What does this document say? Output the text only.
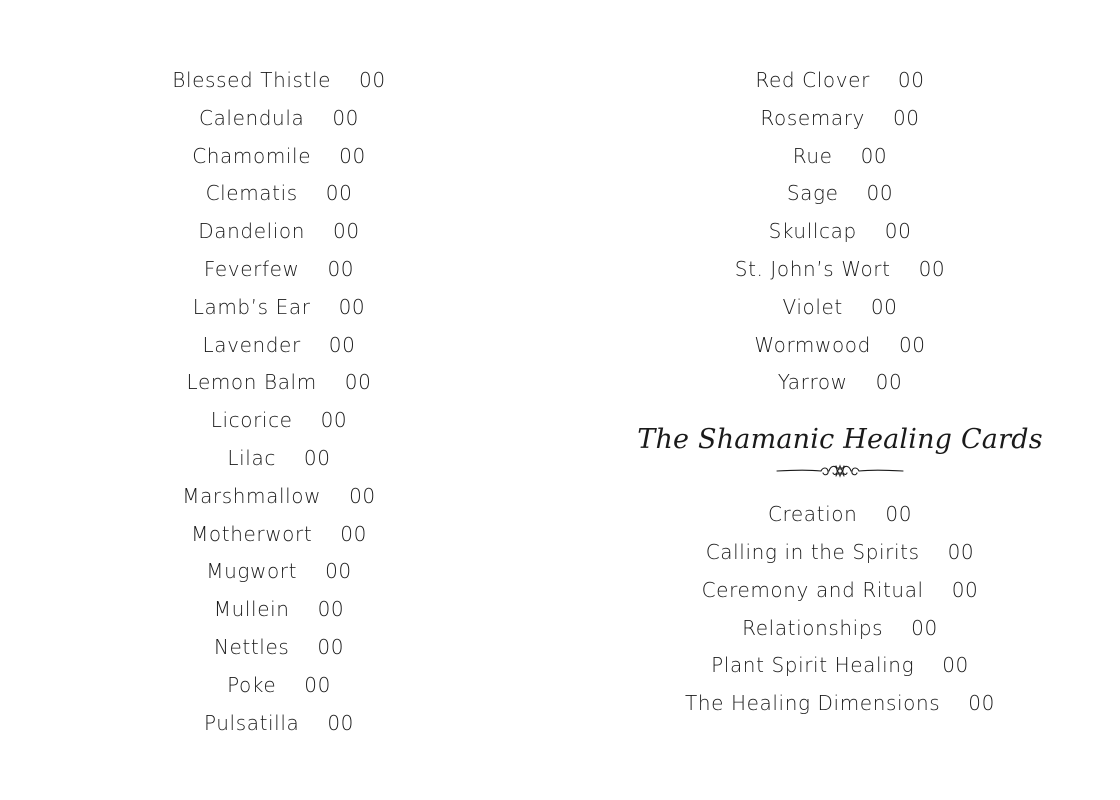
Blessed Thistle 00
Calendula 00
Chamomile 00
Clematis 00
Dandelion 00
Feverfew 00
Lamb’s Ear 00
Lavender 00
Lemon Balm 00
Licorice 00
Lilac 00
Marshmallow 00
Motherwort 00
Mugwort 00
Mullein 00
Nettles 00
Poke 00
Pulsatilla 00
Red Clover 00
Rosemary 00
Rue 00
Sage 00
Skullcap 00
St. John’s Wort 00
Violet 00
Wormwood 00
Yarrow 00
The Shamanic Healing Cards
Creation 00
Calling in the Spirits 00
Ceremony and Ritual 00
Relationships 00
Plant Spirit Healing 00
The Healing Dimensions 00
